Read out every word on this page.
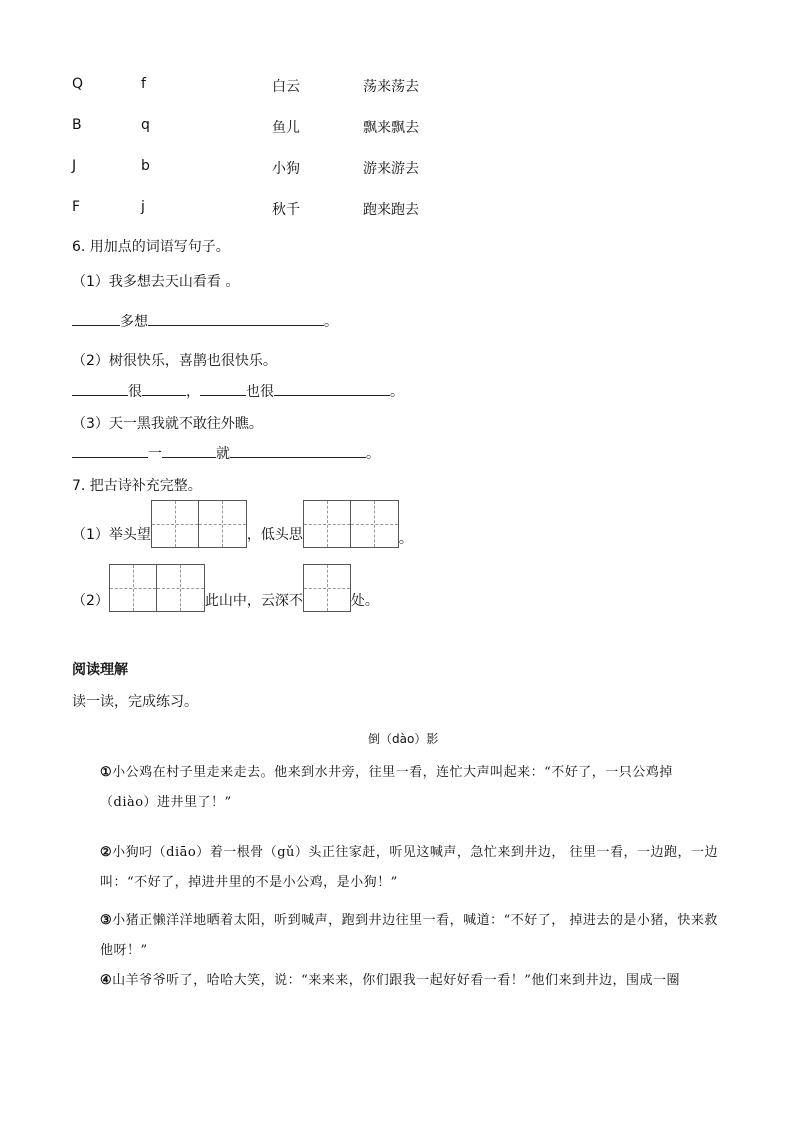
Q	f	白云	荡来荡去
B	q	鱼儿	飘来飘去
J	b	小狗	游来游去
F	j	秋千	跑来跑去
6. 用加点的词语写句子。
（1）我多想去天山看看 。
多想	。
（2）树很快乐，喜鹊也很快乐。
很	，	也很	。
（3）天一黑我就不敢往外瞧。
一	就	。
7. 把古诗补充完整。
（1）举头望	，低头思	。
（2）	此山中，云深不	处。
阅读理解
读一读，完成练习。
倒（dào）影
①小公鸡在村子里走来走去。他来到水井旁，往里一看，连忙大声叫起来：“不好了，一只公鸡掉（diào）进井里了！”
②小狗叼（diāo）着一根骨（gǔ）头正往家赶，听见这喊声，急忙来到井边， 往里一看，一边跑，一边叫：“不好了，掉进井里的不是小公鸡，是小狗！”
③小猪正懒洋洋地晒着太阳，听到喊声，跑到井边往里一看，喊道：“不好了， 掉进去的是小猪，快来救他呀！”
④山羊爷爷听了，哈哈大笑，说：“来来来，你们跟我一起好好看一看！”他们来到井边，围成一圈
